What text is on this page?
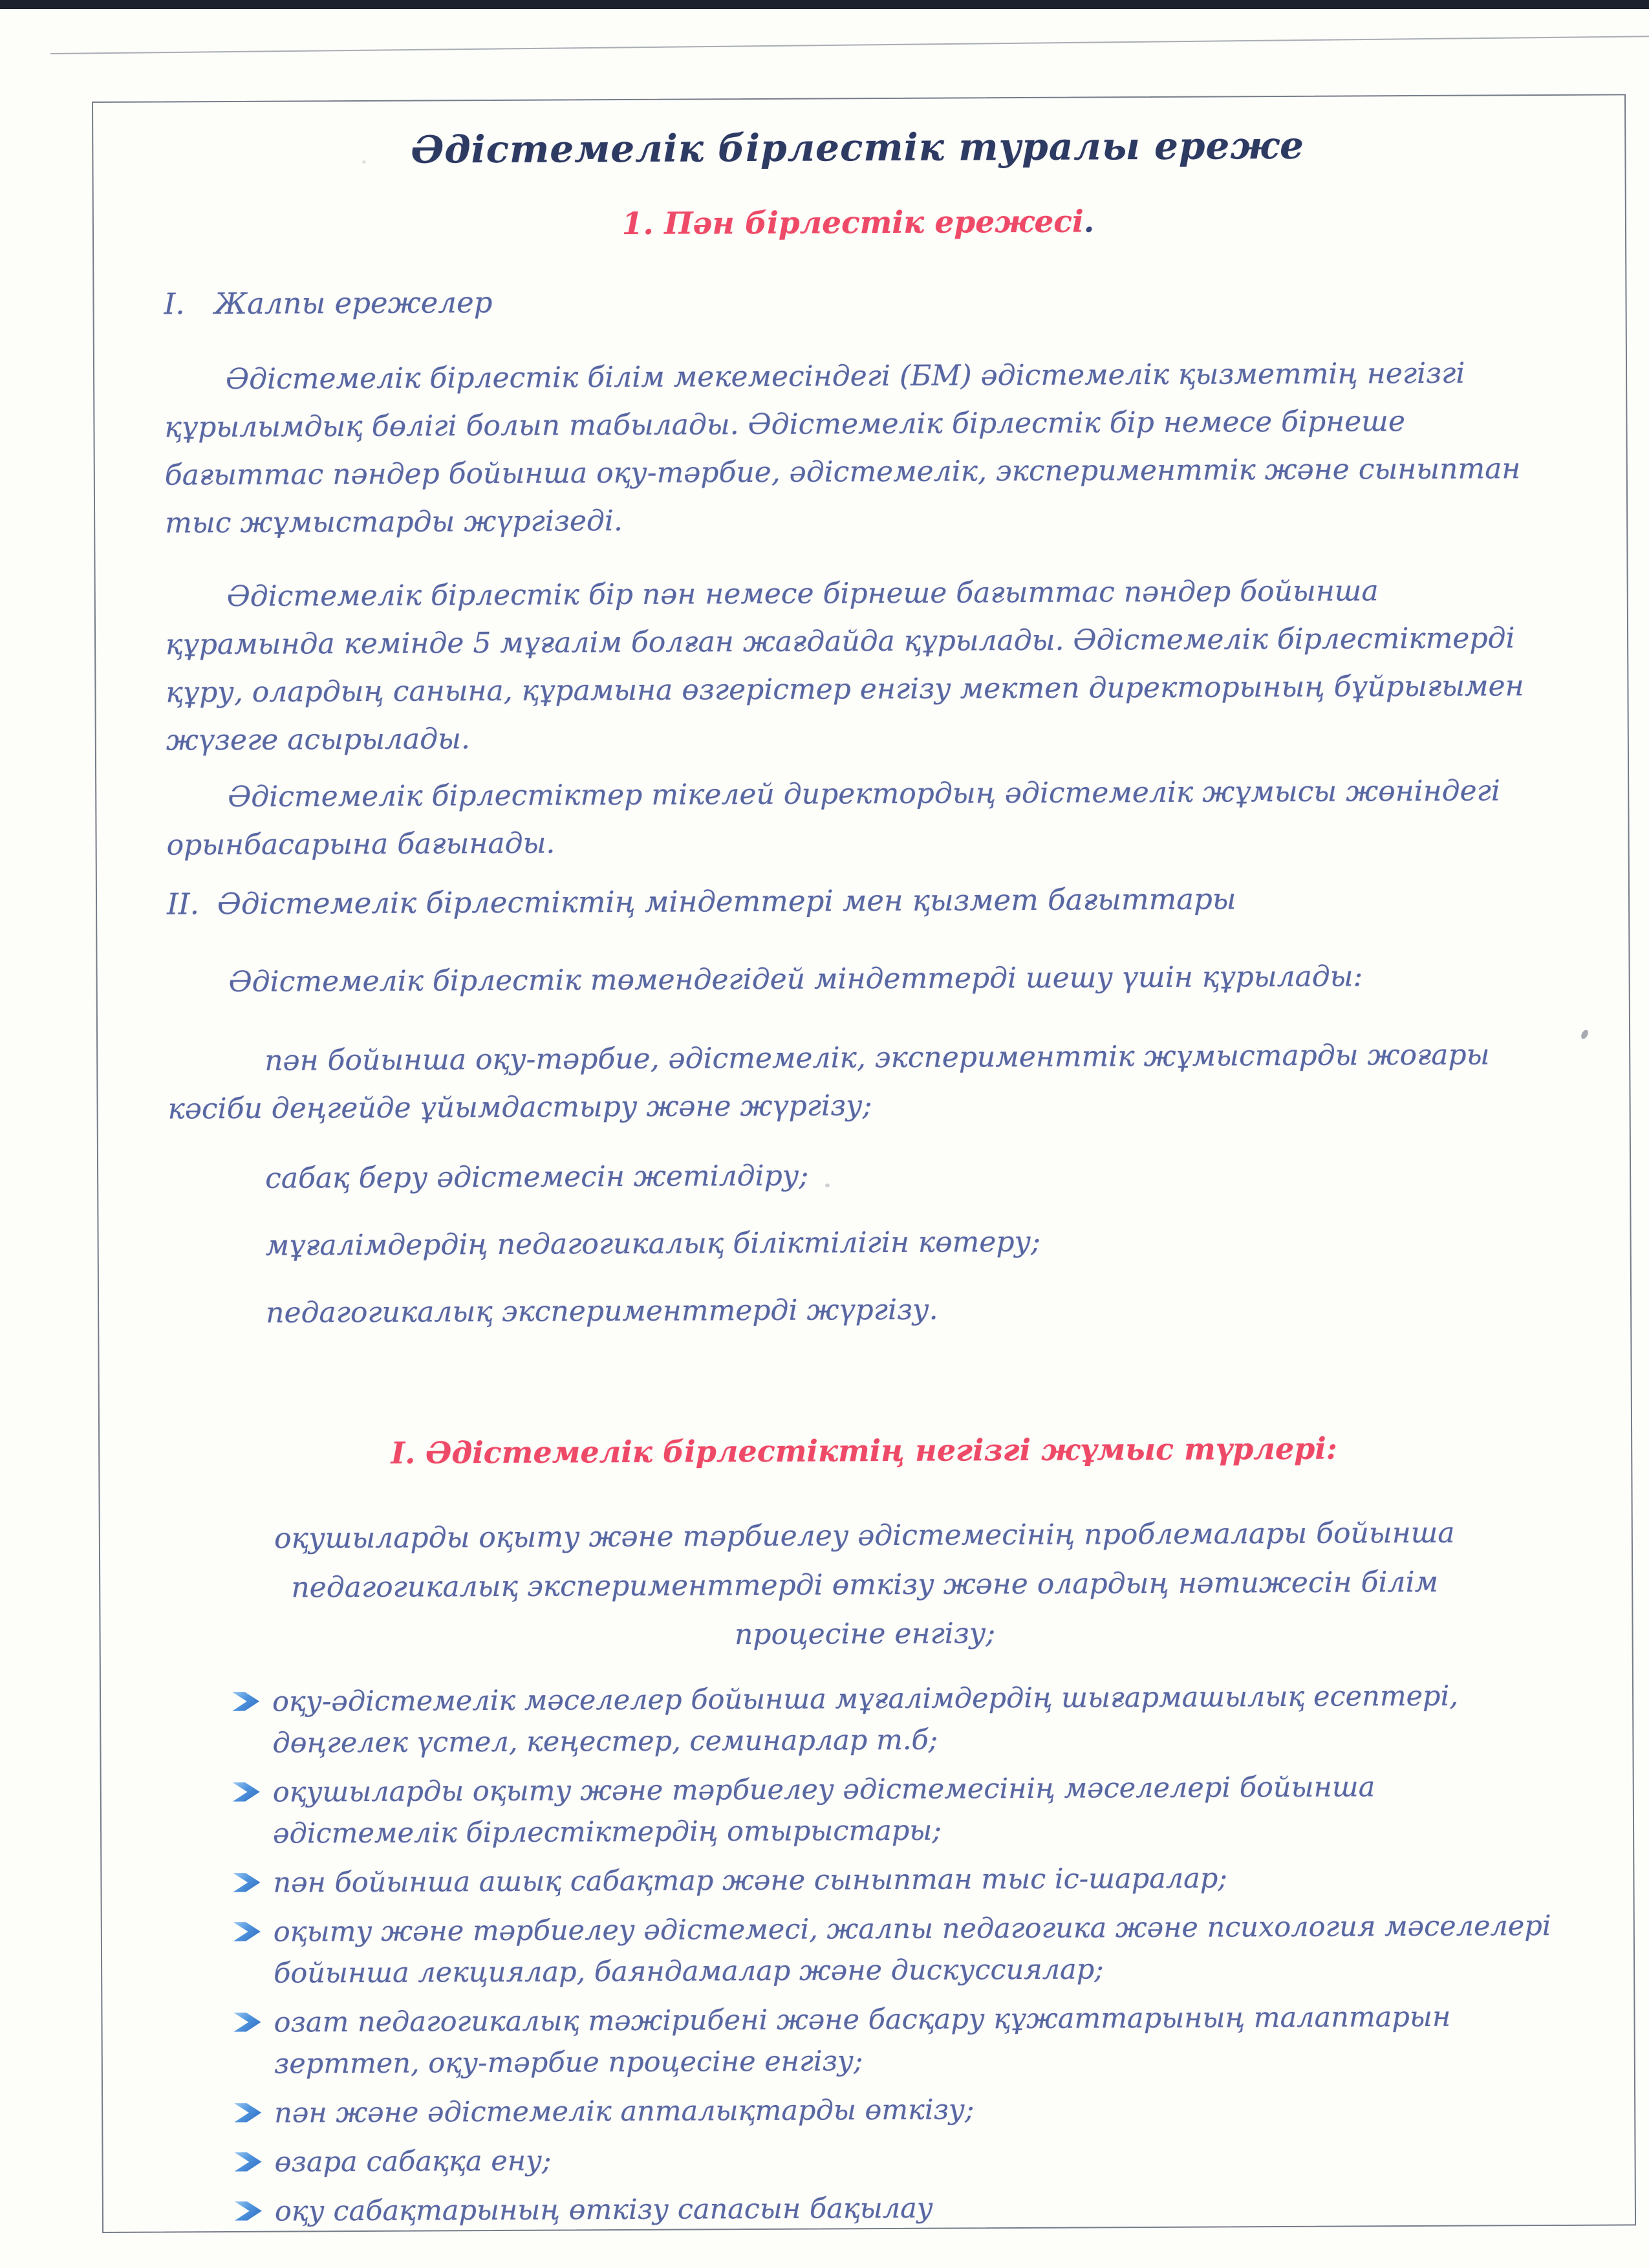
Әдістемелік бірлестік туралы ереже
1. Пән бірлестік ережесі.
I. Жалпы ережелер

Әдістемелік бірлестік білім мекемесіндегі (БМ) әдістемелік қызметтің негізгі құрылымдық бөлігі болып табылады. Әдістемелік бірлестік бір немесе бірнеше бағыттас пәндер бойынша оқу-тәрбие, әдістемелік, эксперименттік және сыныптан тыс жұмыстарды жүргізеді.

Әдістемелік бірлестік бір пән немесе бірнеше бағыттас пәндер бойынша құрамында кемінде 5 мұғалім болған жағдайда құрылады. Әдістемелік бірлестіктерді құру, олардың санына, құрамына өзгерістер енгізу мектеп директорының бұйрығымен жүзеге асырылады.

Әдістемелік бірлестіктер тікелей директордың әдістемелік жұмысы жөніндегі орынбасарына бағынады.

II. Әдістемелік бірлестіктің міндеттері мен қызмет бағыттары

Әдістемелік бірлестік төмендегідей міндеттерді шешу үшін құрылады:

пән бойынша оқу-тәрбие, әдістемелік, эксперименттік жұмыстарды жоғары кәсіби деңгейде ұйымдастыру және жүргізу;

сабақ беру әдістемесін жетілдіру;

мұғалімдердің педагогикалық біліктілігін көтеру;

педагогикалық эксперименттерді жүргізу.

I. Әдістемелік бірлестіктің негізгі жұмыс түрлері:

оқушыларды оқыту және тәрбиелеу әдістемесінің проблемалары бойынша педагогикалық эксперименттерді өткізу және олардың нәтижесін білім процесіне енгізу;

оқу-әдістемелік мәселелер бойынша мұғалімдердің шығармашылық есептері, дөңгелек үстел, кеңестер, семинарлар т.б;
оқушыларды оқыту және тәрбиелеу әдістемесінің мәселелері бойынша әдістемелік бірлестіктердің отырыстары;
пән бойынша ашық сабақтар және сыныптан тыс іс-шаралар;
оқыту және тәрбиелеу әдістемесі, жалпы педагогика және психология мәселелері бойынша лекциялар, баяндамалар және дискуссиялар;
озат педагогикалық тәжірибені және басқару құжаттарының талаптарын зерттеп, оқу-тәрбие процесіне енгізу;
пән және әдістемелік апталықтарды өткізу;
өзара сабаққа ену;
оқу сабақтарының өткізу сапасын бақылау
